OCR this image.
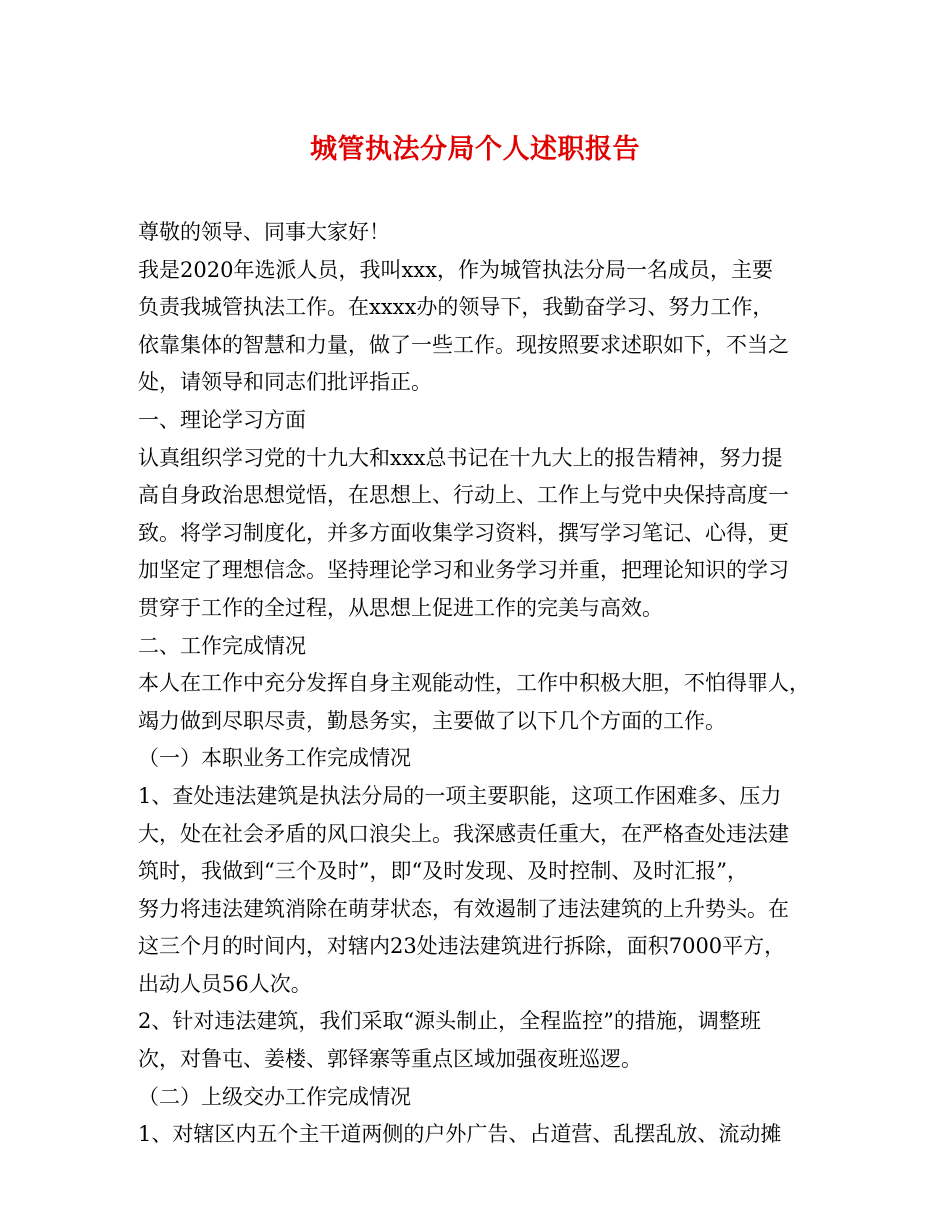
城管执法分局个人述职报告
尊敬的领导、同事大家好！
我是2020年选派人员，我叫xxx，作为城管执法分局一名成员，主要
负责我城管执法工作。在xxxx办的领导下，我勤奋学习、努力工作，
依靠集体的智慧和力量，做了一些工作。现按照要求述职如下，不当之
处，请领导和同志们批评指正。
一、理论学习方面
认真组织学习党的十九大和xxx总书记在十九大上的报告精神，努力提
高自身政治思想觉悟，在思想上、行动上、工作上与党中央保持高度一
致。将学习制度化，并多方面收集学习资料，撰写学习笔记、心得，更
加坚定了理想信念。坚持理论学习和业务学习并重，把理论知识的学习
贯穿于工作的全过程，从思想上促进工作的完美与高效。
二、工作完成情况
本人在工作中充分发挥自身主观能动性，工作中积极大胆，不怕得罪人，
竭力做到尽职尽责，勤恳务实，主要做了以下几个方面的工作。
（一）本职业务工作完成情况
1、查处违法建筑是执法分局的一项主要职能，这项工作困难多、压力
大，处在社会矛盾的风口浪尖上。我深感责任重大，在严格查处违法建
筑时，我做到“三个及时”，即“及时发现、及时控制、及时汇报”，
努力将违法建筑消除在萌芽状态，有效遏制了违法建筑的上升势头。在
这三个月的时间内，对辖内23处违法建筑进行拆除，面积7000平方，
出动人员56人次。
2、针对违法建筑，我们采取“源头制止，全程监控”的措施，调整班
次，对鲁屯、姜楼、郭铎寨等重点区域加强夜班巡逻。
（二）上级交办工作完成情况
1、对辖区内五个主干道两侧的户外广告、占道营、乱摆乱放、流动摊
